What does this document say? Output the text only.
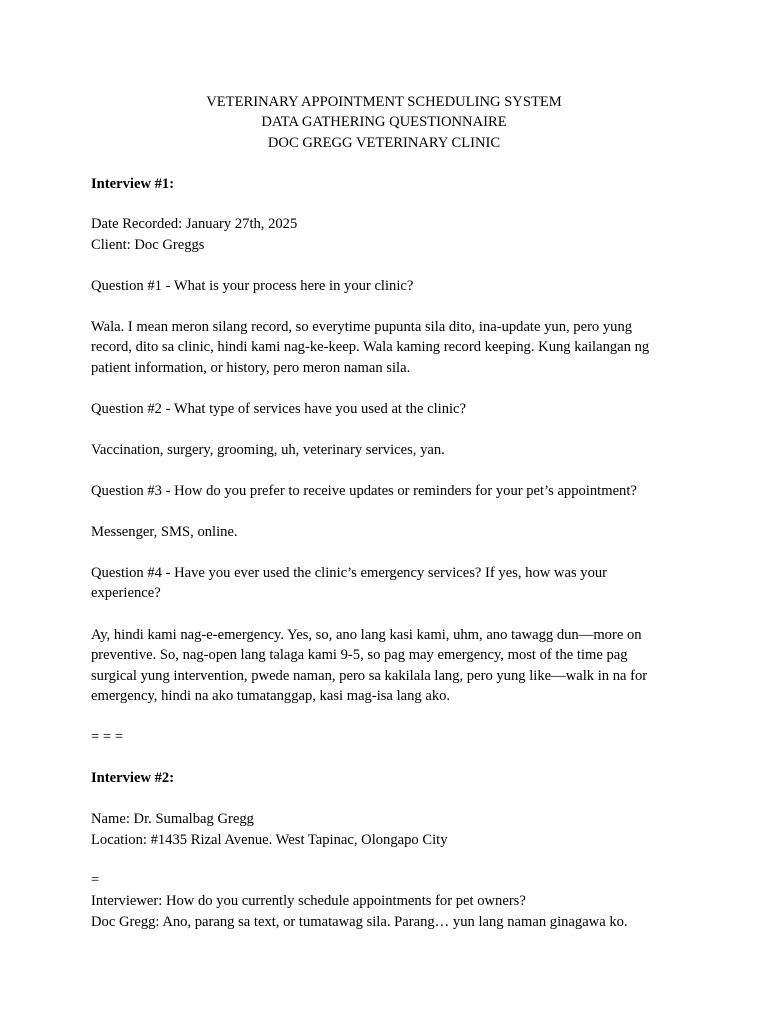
VETERINARY APPOINTMENT SCHEDULING SYSTEM
DATA GATHERING QUESTIONNAIRE
DOC GREGG VETERINARY CLINIC
Interview #1:
Date Recorded: January 27th, 2025
Client: Doc Greggs
Question #1 - What is your process here in your clinic?
Wala. I mean meron silang record, so everytime pupunta sila dito, ina-update yun, pero yung
record, dito sa clinic, hindi kami nag-ke-keep. Wala kaming record keeping. Kung kailangan ng
patient information, or history, pero meron naman sila.
Question #2 - What type of services have you used at the clinic?
Vaccination, surgery, grooming, uh, veterinary services, yan.
Question #3 - How do you prefer to receive updates or reminders for your pet’s appointment?
Messenger, SMS, online.
Question #4 - Have you ever used the clinic’s emergency services? If yes, how was your
experience?
Ay, hindi kami nag-e-emergency. Yes, so, ano lang kasi kami, uhm, ano tawagg dun—more on
preventive. So, nag-open lang talaga kami 9-5, so pag may emergency, most of the time pag
surgical yung intervention, pwede naman, pero sa kakilala lang, pero yung like—walk in na for
emergency, hindi na ako tumatanggap, kasi mag-isa lang ako.
= = =
Interview #2:
Name: Dr. Sumalbag Gregg
Location: #1435 Rizal Avenue. West Tapinac, Olongapo City
=
Interviewer: How do you currently schedule appointments for pet owners?
Doc Gregg: Ano, parang sa text, or tumatawag sila. Parang… yun lang naman ginagawa ko.
